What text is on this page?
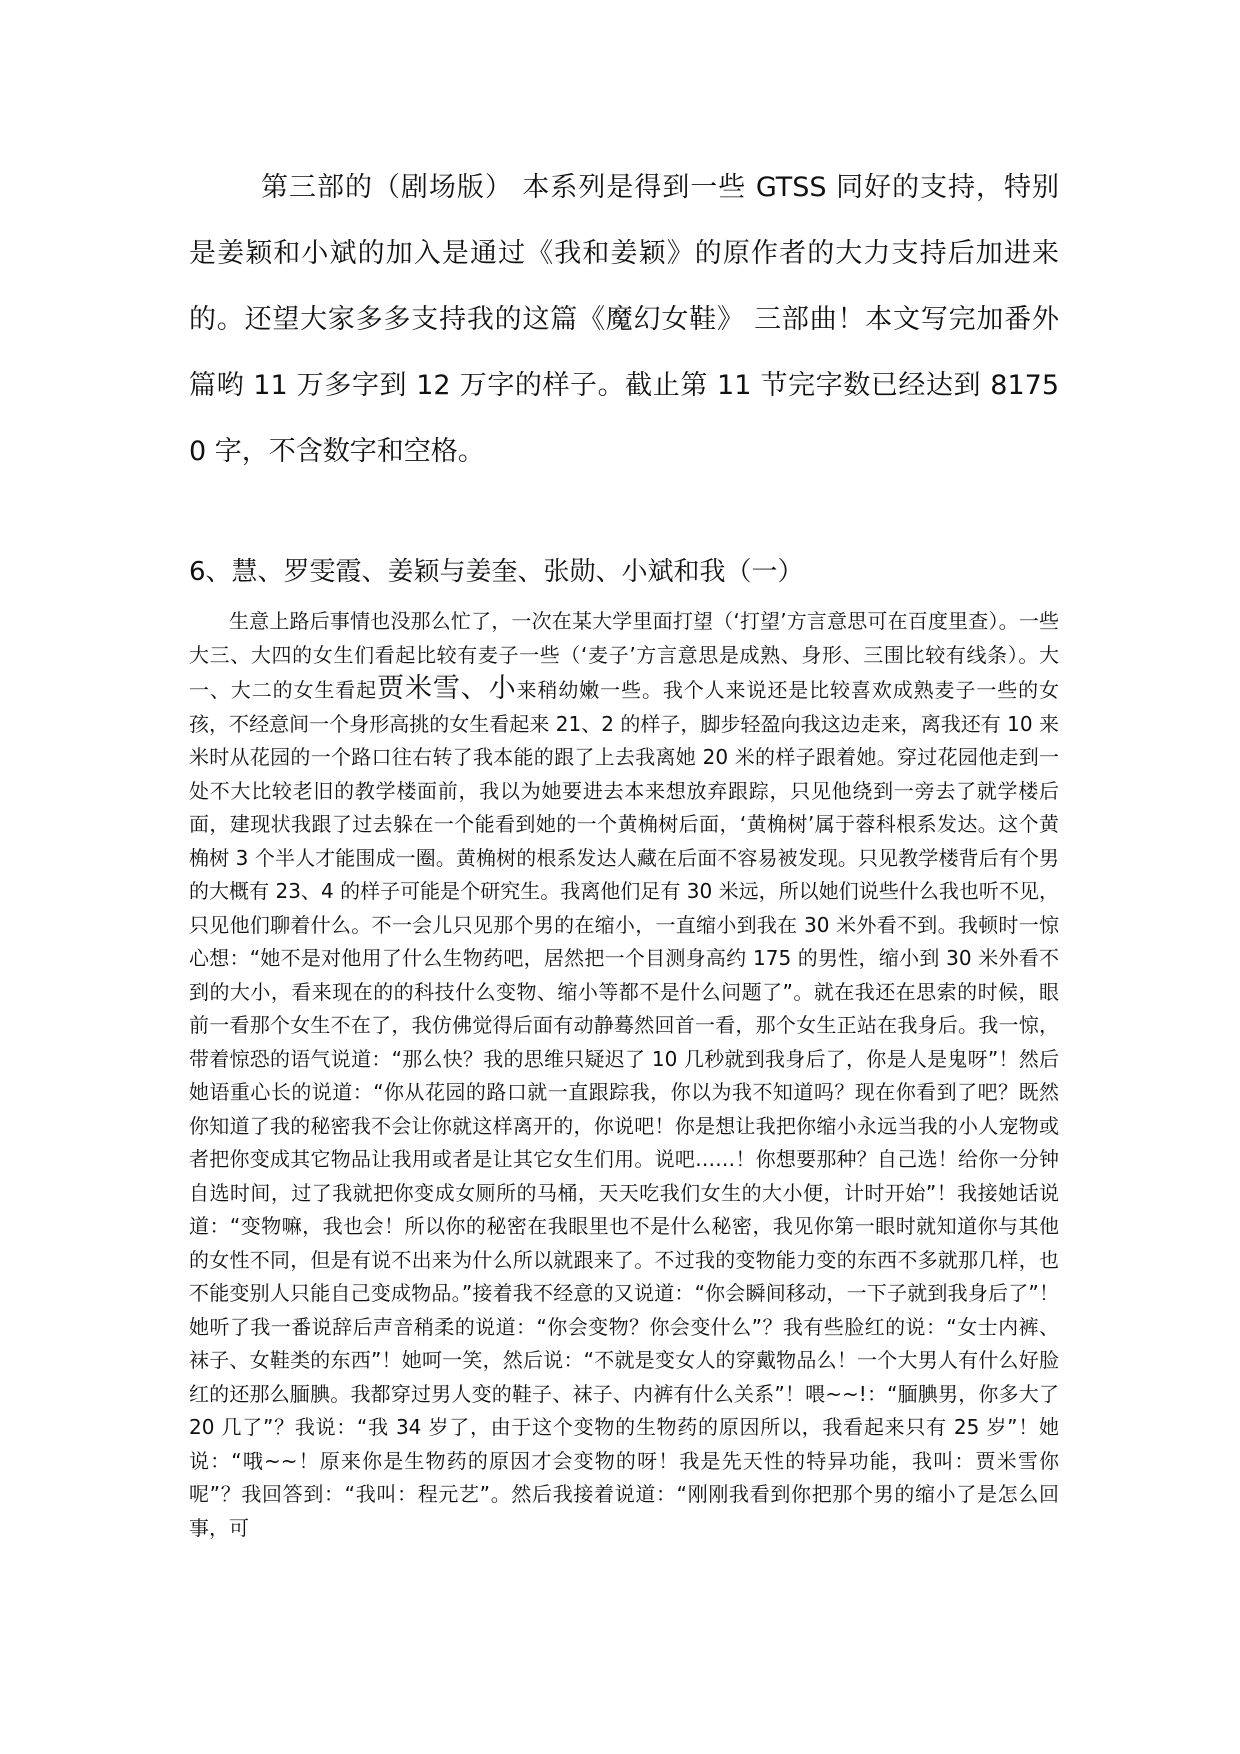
第三部的（剧场版） 本系列是得到一些 GTSS 同好的支持，特别是姜颖和小斌的加入是通过《我和姜颖》的原作者的大力支持后加进来的。还望大家多多支持我的这篇《魔幻女鞋》 三部曲！本文写完加番外篇哟 11 万多字到 12 万字的样子。截止第 11 节完字数已经达到 81750 字，不含数字和空格。

6、慧、罗雯霞、姜颖与姜奎、张勋、小斌和我（一）

生意上路后事情也没那么忙了，一次在某大学里面打望（‘打望’方言意思可在百度里查）。一些大三、大四的女生们看起比较有麦子一些（‘麦子’方言意思是成熟、身形、三围比较有线条）。大一、大二的女生看起贾米雪、小来稍幼嫩一些。我个人来说还是比较喜欢成熟麦子一些的女孩，不经意间一个身形高挑的女生看起来 21、2 的样子，脚步轻盈向我这边走来，离我还有 10 来米时从花园的一个路口往右转了我本能的跟了上去我离她 20 米的样子跟着她。穿过花园他走到一处不大比较老旧的教学楼面前，我以为她要进去本来想放弃跟踪，只见他绕到一旁去了就学楼后面，建现状我跟了过去躲在一个能看到她的一个黄桷树后面，‘黄桷树’属于蓉科根系发达。这个黄桷树 3 个半人才能围成一圈。黄桷树的根系发达人藏在后面不容易被发现。只见教学楼背后有个男的大概有 23、4 的样子可能是个研究生。我离他们足有 30 米远，所以她们说些什么我也听不见，只见他们聊着什么。不一会儿只见那个男的在缩小，一直缩小到我在 30 米外看不到。我顿时一惊心想：“她不是对他用了什么生物药吧，居然把一个目测身高约 175 的男性，缩小到 30 米外看不到的大小，看来现在的的科技什么变物、缩小等都不是什么问题了”。就在我还在思索的时候，眼前一看那个女生不在了，我仿佛觉得后面有动静蓦然回首一看，那个女生正站在我身后。我一惊，带着惊恐的语气说道：“那么快？我的思维只疑迟了 10 几秒就到我身后了，你是人是鬼呀”！然后她语重心长的说道：“你从花园的路口就一直跟踪我，你以为我不知道吗？现在你看到了吧？既然你知道了我的秘密我不会让你就这样离开的，你说吧！你是想让我把你缩小永远当我的小人宠物或者把你变成其它物品让我用或者是让其它女生们用。说吧……！你想要那种？自己选！给你一分钟自选时间，过了我就把你变成女厕所的马桶，天天吃我们女生的大小便，计时开始”！我接她话说道：“变物嘛，我也会！所以你的秘密在我眼里也不是什么秘密，我见你第一眼时就知道你与其他的女性不同，但是有说不出来为什么所以就跟来了。不过我的变物能力变的东西不多就那几样，也不能变别人只能自己变成物品。”接着我不经意的又说道：“你会瞬间移动，一下子就到我身后了”！她听了我一番说辞后声音稍柔的说道：“你会变物？你会变什么”？我有些脸红的说：“女士内裤、袜子、女鞋类的东西”！她呵一笑，然后说：“不就是变女人的穿戴物品么！一个大男人有什么好脸红的还那么腼腆。我都穿过男人变的鞋子、袜子、内裤有什么关系”！喂~~!：“腼腆男，你多大了 20 几了”？我说：“我 34 岁了，由于这个变物的生物药的原因所以，我看起来只有 25 岁”！她说：“哦~~！原来你是生物药的原因才会变物的呀！我是先天性的特异功能，我叫：贾米雪你呢”？我回答到：“我叫：程元艺”。然后我接着说道：“刚刚我看到你把那个男的缩小了是怎么回事，可
